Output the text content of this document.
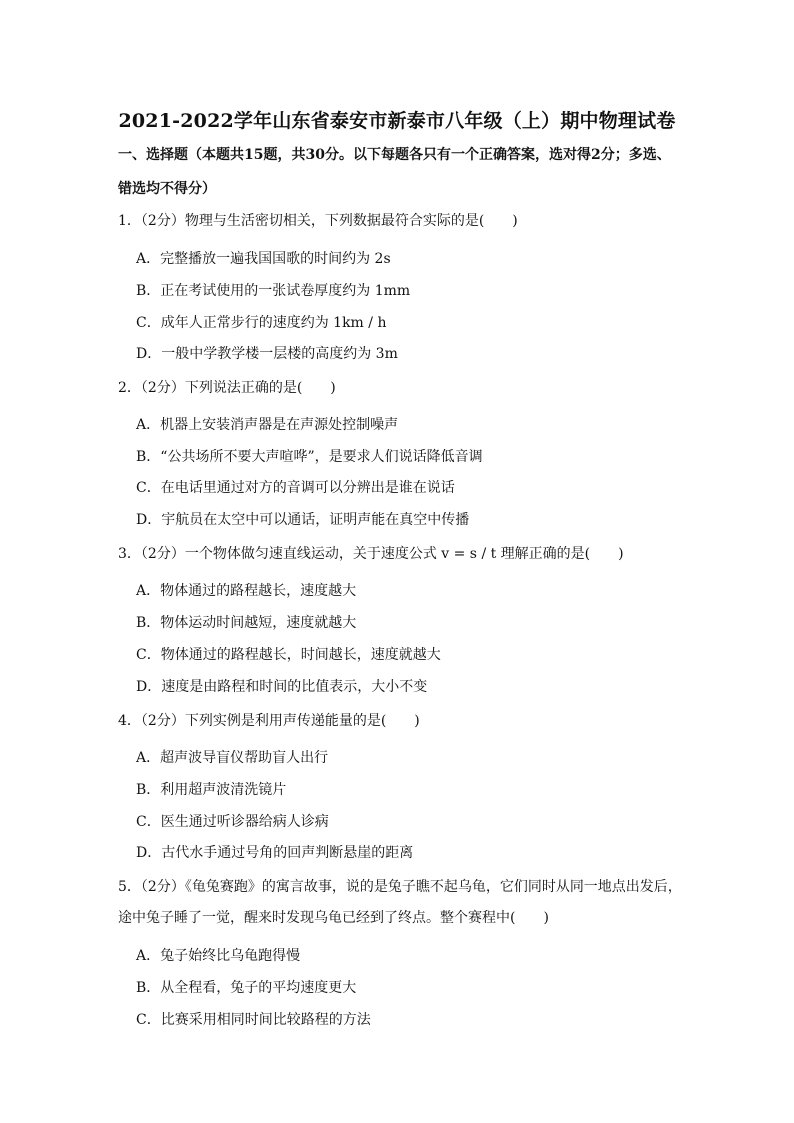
2021-2022学年山东省泰安市新泰市八年级（上）期中物理试卷
一、选择题（本题共15题，共30分。以下每题各只有一个正确答案，选对得2分；多选、
错选均不得分）
1．（2分）物理与生活密切相关，下列数据最符合实际的是(　　)
A．完整播放一遍我国国歌的时间约为 2s
B．正在考试使用的一张试卷厚度约为 1mm
C．成年人正常步行的速度约为 1km / h
D．一般中学教学楼一层楼的高度约为 3m
2．（2分）下列说法正确的是(　　)
A．机器上安装消声器是在声源处控制噪声
B．“公共场所不要大声喧哗”，是要求人们说话降低音调
C．在电话里通过对方的音调可以分辨出是谁在说话
D．宇航员在太空中可以通话，证明声能在真空中传播
3．（2分）一个物体做匀速直线运动，关于速度公式 v = s / t 理解正确的是(　　)
A．物体通过的路程越长，速度越大
B．物体运动时间越短，速度就越大
C．物体通过的路程越长，时间越长，速度就越大
D．速度是由路程和时间的比值表示，大小不变
4．（2分）下列实例是利用声传递能量的是(　　)
A．超声波导盲仪帮助盲人出行
B．利用超声波清洗镜片
C．医生通过听诊器给病人诊病
D．古代水手通过号角的回声判断悬崖的距离
5．（2分）《龟兔赛跑》的寓言故事，说的是兔子瞧不起乌龟，它们同时从同一地点出发后，
途中兔子睡了一觉，醒来时发现乌龟已经到了终点。整个赛程中(　　)
A．兔子始终比乌龟跑得慢
B．从全程看，兔子的平均速度更大
C．比赛采用相同时间比较路程的方法
